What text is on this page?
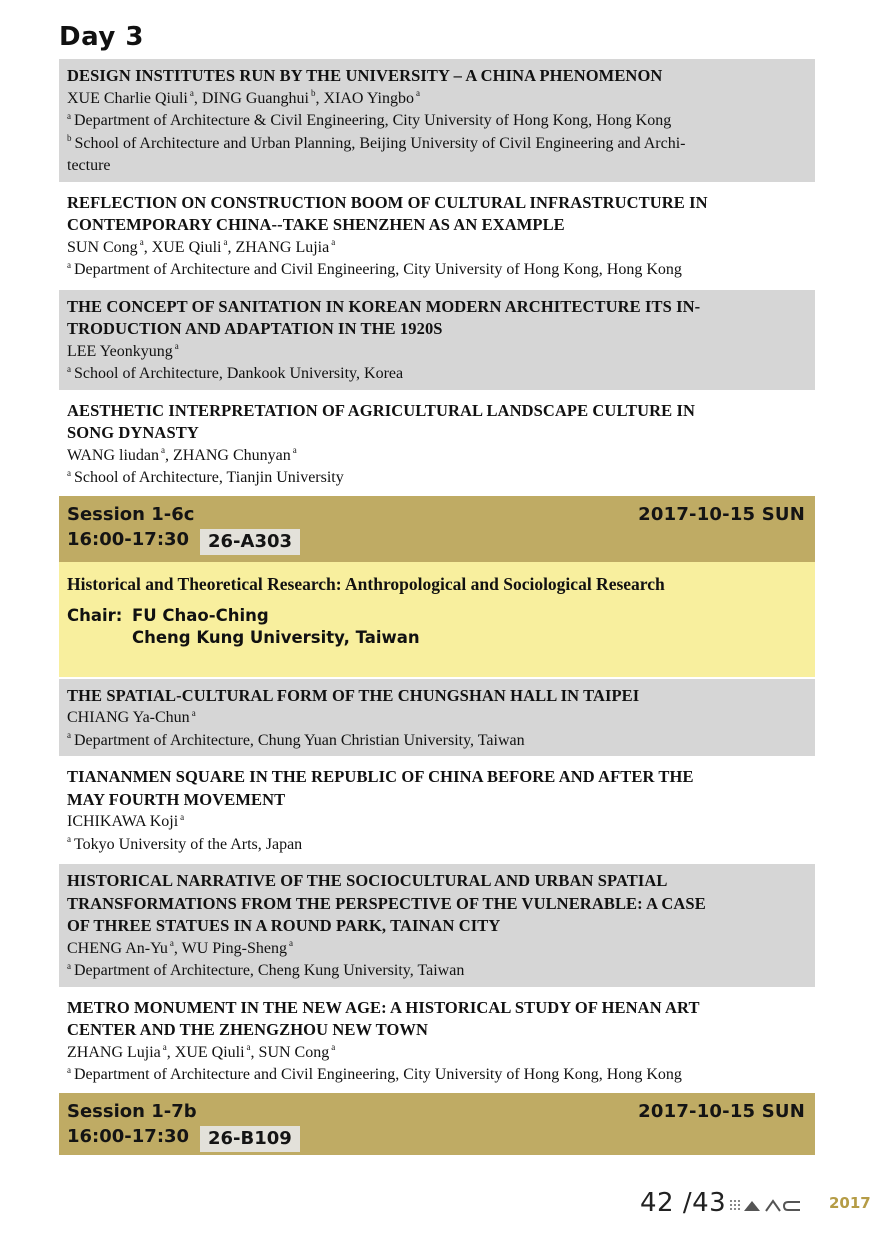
Day 3

DESIGN INSTITUTES RUN BY THE UNIVERSITY – A CHINA PHENOMENON

XUE Charlie Qiuli $^a$, DING Guanghui $^b$, XIAO Yingbo $^a$

$^a$ Department of Architecture & Civil Engineering, City University of Hong Kong, Hong Kong

$^b$ School of Architecture and Urban Planning, Beijing University of Civil Engineering and Archi-

tecture

REFLECTION ON CONSTRUCTION BOOM OF CULTURAL INFRASTRUCTURE IN

CONTEMPORARY CHINA--TAKE SHENZHEN AS AN EXAMPLE

SUN Cong $^a$, XUE Qiuli $^a$, ZHANG Lujia $^a$

$^a$ Department of Architecture and Civil Engineering, City University of Hong Kong, Hong Kong

THE CONCEPT OF SANITATION IN KOREAN MODERN ARCHITECTURE ITS IN-

TRODUCTION AND ADAPTATION IN THE 1920S

LEE Yeonkyung $^a$

$^a$ School of Architecture, Dankook University, Korea

AESTHETIC INTERPRETATION OF AGRICULTURAL LANDSCAPE CULTURE IN

SONG DYNASTY

WANG liudan $^a$, ZHANG Chunyan $^a$

$^a$ School of Architecture, Tianjin University

Session 1-6c	2017-10-15 SUN
16:00-17:30	26-A303

Historical and Theoretical Research: Anthropological and Sociological Research

Chair: FU Chao-Ching
Cheng Kung University, Taiwan

THE SPATIAL-CULTURAL FORM OF THE CHUNGSHAN HALL IN TAIPEI

CHIANG Ya-Chun $^a$

$^a$ Department of Architecture, Chung Yuan Christian University, Taiwan

TIANANMEN SQUARE IN THE REPUBLIC OF CHINA BEFORE AND AFTER THE

MAY FOURTH MOVEMENT

ICHIKAWA Koji $^a$

$^a$ Tokyo University of the Arts, Japan

HISTORICAL NARRATIVE OF THE SOCIOCULTURAL AND URBAN SPATIAL

TRANSFORMATIONS FROM THE PERSPECTIVE OF THE VULNERABLE: A CASE

OF THREE STATUES IN A ROUND PARK, TAINAN CITY

CHENG An-Yu $^a$, WU Ping-Sheng $^a$

$^a$ Department of Architecture, Cheng Kung University, Taiwan

METRO MONUMENT IN THE NEW AGE: A HISTORICAL STUDY OF HENAN ART

CENTER AND THE ZHENGZHOU NEW TOWN

ZHANG Lujia $^a$, XUE Qiuli $^a$, SUN Cong $^a$

$^a$ Department of Architecture and Civil Engineering, City University of Hong Kong, Hong Kong

Session 1-7b	2017-10-15 SUN
16:00-17:30	26-B109
42 /43	2017
